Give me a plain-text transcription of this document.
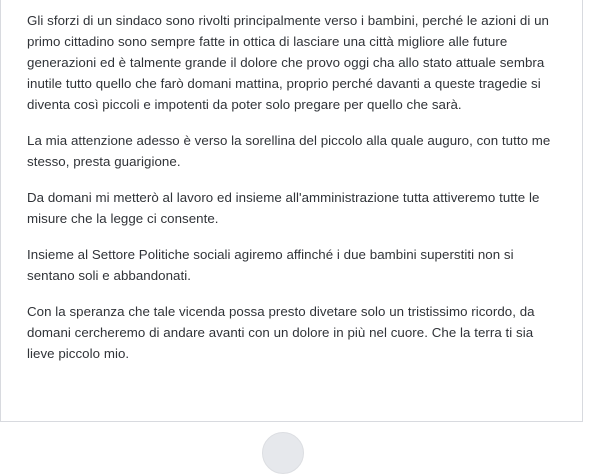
Gli sforzi di un sindaco sono rivolti principalmente verso i bambini, perché le azioni di un primo cittadino sono sempre fatte in ottica di lasciare una città migliore alle future generazioni ed è talmente grande il dolore che provo oggi cha allo stato attuale sembra inutile tutto quello che farò domani mattina, proprio perché davanti a queste tragedie si diventa così piccoli e impotenti da poter solo pregare per quello che sarà.

La mia attenzione adesso è verso la sorellina del piccolo alla quale auguro, con tutto me stesso, presta guarigione.

Da domani mi metterò al lavoro ed insieme all'amministrazione tutta attiveremo tutte le misure che la legge ci consente.

Insieme al Settore Politiche sociali agiremo affinché i due bambini superstiti non si sentano soli e abbandonati.

Con la speranza che tale vicenda possa presto divetare solo un tristissimo ricordo, da domani cercheremo di andare avanti con un dolore in più nel cuore. Che la terra ti sia lieve piccolo mio.
